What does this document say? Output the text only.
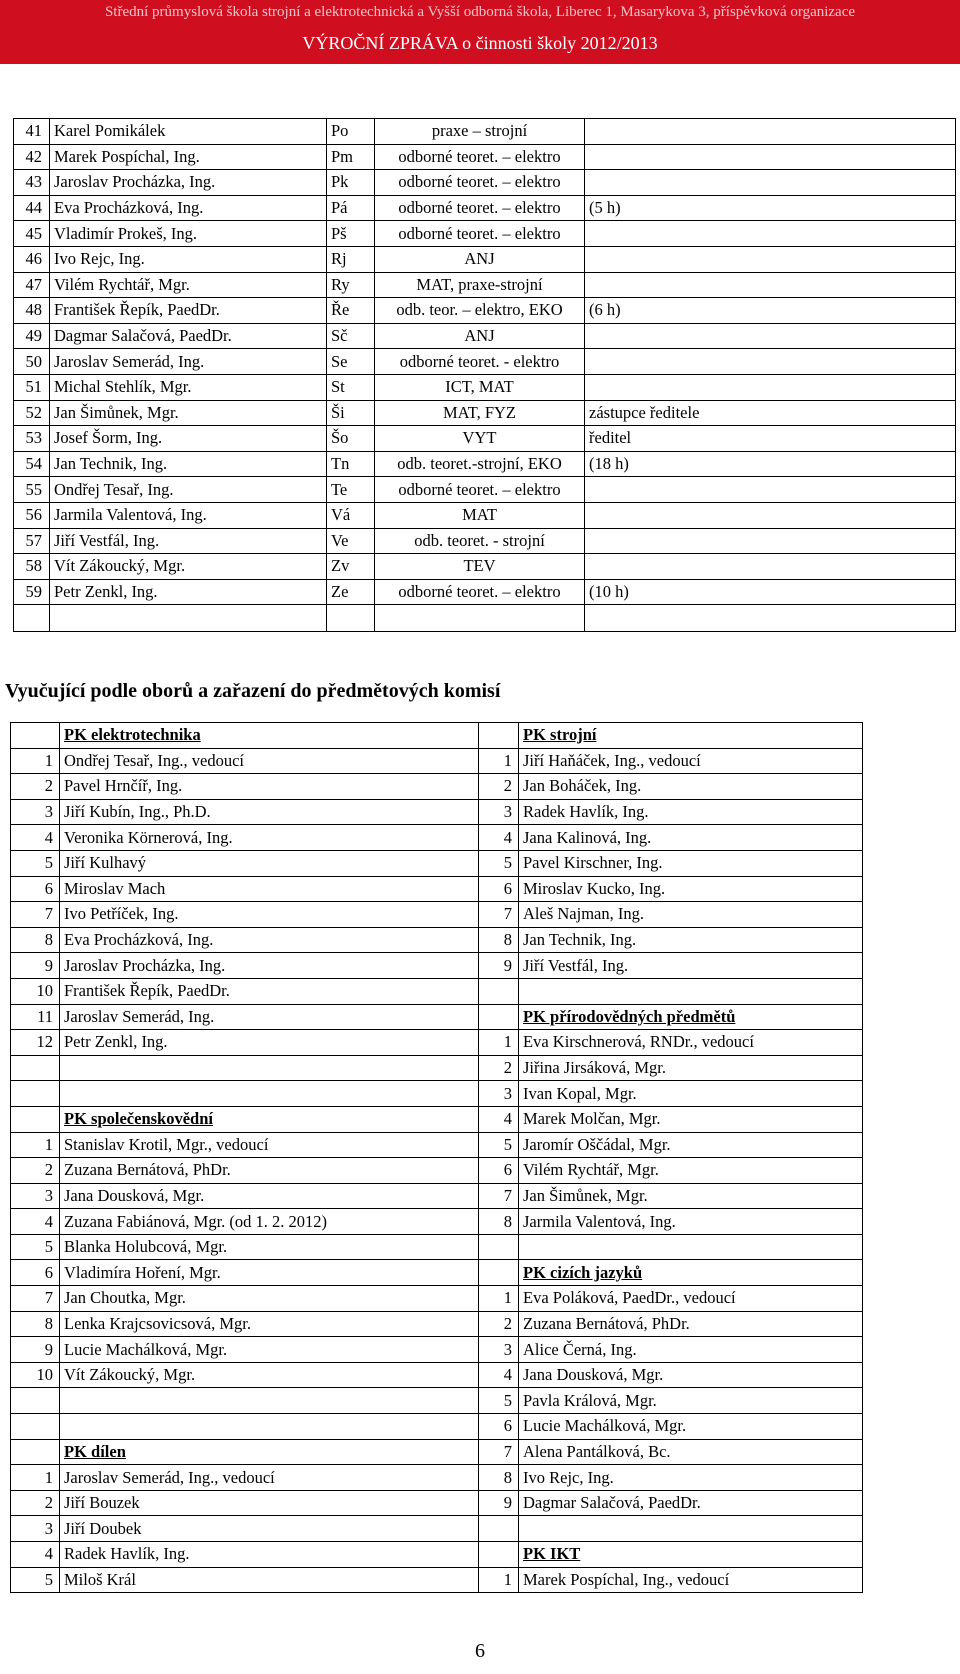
Střední průmyslová škola strojní a elektrotechnická a Vyšší odborná škola, Liberec 1, Masarykova 3, příspěvková organizace
VÝROČNÍ ZPRÁVA o činnosti školy 2012/2013
41	Karel Pomikálek	Po	praxe – strojní	
42	Marek Pospíchal, Ing.	Pm	odborné teoret. – elektro	
43	Jaroslav Procházka, Ing.	Pk	odborné teoret. – elektro	
44	Eva Procházková, Ing.	Pá	odborné teoret. – elektro	(5 h)
45	Vladimír Prokeš, Ing.	Pš	odborné teoret. – elektro	
46	Ivo Rejc, Ing.	Rj	ANJ	
47	Vilém Rychtář, Mgr.	Ry	MAT, praxe-strojní	
48	František Řepík, PaedDr.	Ře	odb. teor. – elektro, EKO	(6 h)
49	Dagmar Salačová, PaedDr.	Sč	ANJ	
50	Jaroslav Semerád, Ing.	Se	odborné teoret. - elektro	
51	Michal Stehlík, Mgr.	St	ICT, MAT	
52	Jan Šimůnek, Mgr.	Ši	MAT, FYZ	zástupce ředitele
53	Josef Šorm, Ing.	Šo	VYT	ředitel
54	Jan Technik, Ing.	Tn	odb. teoret.-strojní, EKO	(18 h)
55	Ondřej Tesař, Ing.	Te	odborné teoret. – elektro	
56	Jarmila Valentová, Ing.	Vá	MAT	
57	Jiří Vestfál, Ing.	Ve	odb. teoret. - strojní	
58	Vít Zákoucký, Mgr.	Zv	TEV	
59	Petr Zenkl, Ing.	Ze	odborné teoret. – elektro	(10 h)

Vyučující podle oborů a zařazení do předmětových komisí
	PK elektrotechnika		PK strojní
1	Ondřej Tesař, Ing., vedoucí	1	Jiří Haňáček, Ing., vedoucí
2	Pavel Hrnčíř, Ing.	2	Jan Boháček, Ing.
3	Jiří Kubín, Ing., Ph.D.	3	Radek Havlík, Ing.
4	Veronika Körnerová, Ing.	4	Jana Kalinová, Ing.
5	Jiří Kulhavý	5	Pavel Kirschner, Ing.
6	Miroslav Mach	6	Miroslav Kucko, Ing.
7	Ivo Petříček, Ing.	7	Aleš Najman, Ing.
8	Eva Procházková, Ing.	8	Jan Technik, Ing.
9	Jaroslav Procházka, Ing.	9	Jiří Vestfál, Ing.
10	František Řepík, PaedDr.		
11	Jaroslav Semerád, Ing.		PK přírodovědných předmětů
12	Petr Zenkl, Ing.	1	Eva Kirschnerová, RNDr., vedoucí
		2	Jiřina Jirsáková, Mgr.
		3	Ivan Kopal, Mgr.
	PK společenskovědní	4	Marek Molčan, Mgr.
1	Stanislav Krotil, Mgr., vedoucí	5	Jaromír Oščádal, Mgr.
2	Zuzana Bernátová, PhDr.	6	Vilém Rychtář, Mgr.
3	Jana Dousková, Mgr.	7	Jan Šimůnek, Mgr.
4	Zuzana Fabiánová, Mgr. (od 1. 2. 2012)	8	Jarmila Valentová, Ing.
5	Blanka Holubcová, Mgr.		
6	Vladimíra Hoření, Mgr.		PK cizích jazyků
7	Jan Choutka, Mgr.	1	Eva Poláková, PaedDr., vedoucí
8	Lenka Krajcsovicsová, Mgr.	2	Zuzana Bernátová, PhDr.
9	Lucie Machálková, Mgr.	3	Alice Černá, Ing.
10	Vít Zákoucký, Mgr.	4	Jana Dousková, Mgr.
		5	Pavla Králová, Mgr.
		6	Lucie Machálková, Mgr.
	PK dílen	7	Alena Pantálková, Bc.
1	Jaroslav Semerád, Ing., vedoucí	8	Ivo Rejc, Ing.
2	Jiří Bouzek	9	Dagmar Salačová, PaedDr.
3	Jiří Doubek		
4	Radek Havlík, Ing.		PK IKT
5	Miloš Král	1	Marek Pospíchal, Ing., vedoucí
6
